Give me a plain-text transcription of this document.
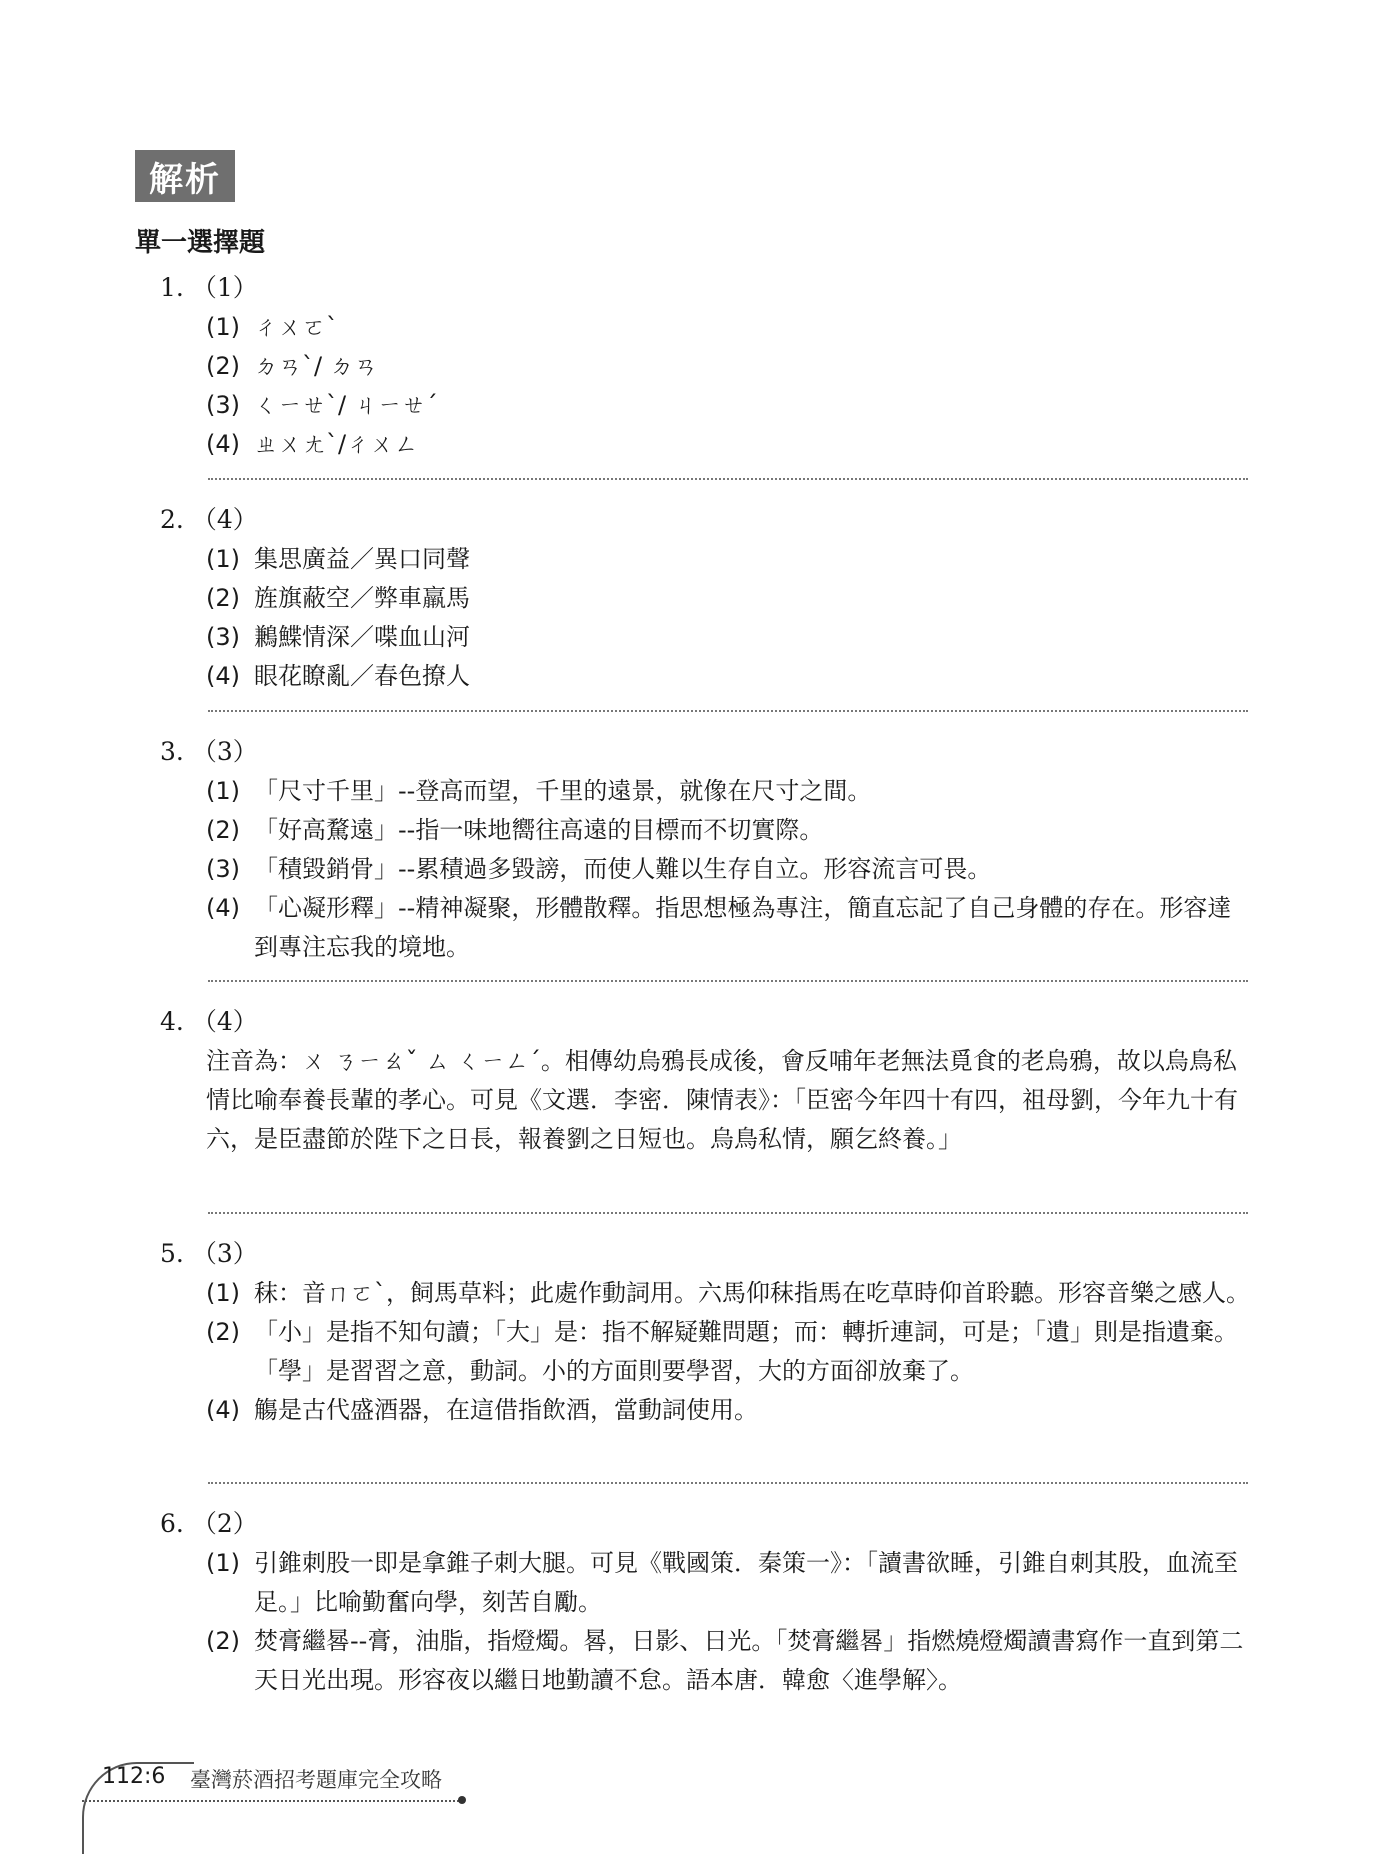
解析
單一選擇題
1. （1）
(1) ㄔㄨㄛˋ
(2) ㄉㄢˋ/ ㄉㄢ
(3) ㄑㄧㄝˋ/ ㄐㄧㄝˊ
(4) ㄓㄨㄤˋ/ㄔㄨㄥ
2. （4）
(1) 集思廣益／異口同聲
(2) 旌旗蔽空／弊車羸馬
(3) 鶼鰈情深／喋血山河
(4) 眼花瞭亂／春色撩人
3. （3）
(1) 「尺寸千里」--登高而望，千里的遠景，就像在尺寸之間。
(2) 「好高騖遠」--指一味地嚮往高遠的目標而不切實際。
(3) 「積毀銷骨」--累積過多毀謗，而使人難以生存自立。形容流言可畏。
(4) 「心凝形釋」--精神凝聚，形體散釋。指思想極為專注，簡直忘記了自己身體的存在。形容達到專注忘我的境地。
4. （4）
注音為：ㄨ ㄋㄧㄠˇ ㄙ ㄑㄧㄥˊ。相傳幼烏鴉長成後，會反哺年老無法覓食的老烏鴉，故以烏鳥私情比喻奉養長輩的孝心。可見《文選．李密．陳情表》：「臣密今年四十有四，祖母劉，今年九十有六，是臣盡節於陛下之日長，報養劉之日短也。烏鳥私情，願乞終養。」
5. （3）
(1) 秣：音ㄇㄛˋ，飼馬草料；此處作動詞用。六馬仰秣指馬在吃草時仰首聆聽。形容音樂之感人。
(2) 「小」是指不知句讀；「大」是：指不解疑難問題；而：轉折連詞，可是；「遺」則是指遺棄。「學」是習習之意，動詞。小的方面則要學習，大的方面卻放棄了。
(4) 觴是古代盛酒器，在這借指飲酒，當動詞使用。
6. （2）
(1) 引錐刺股一即是拿錐子刺大腿。可見《戰國策．秦策一》：「讀書欲睡，引錐自刺其股，血流至足。」比喻勤奮向學，刻苦自勵。
(2) 焚膏繼晷--膏，油脂，指燈燭。晷，日影、日光。「焚膏繼晷」指燃燒燈燭讀書寫作一直到第二天日光出現。形容夜以繼日地勤讀不怠。語本唐．韓愈〈進學解〉。
112:6 臺灣菸酒招考題庫完全攻略
